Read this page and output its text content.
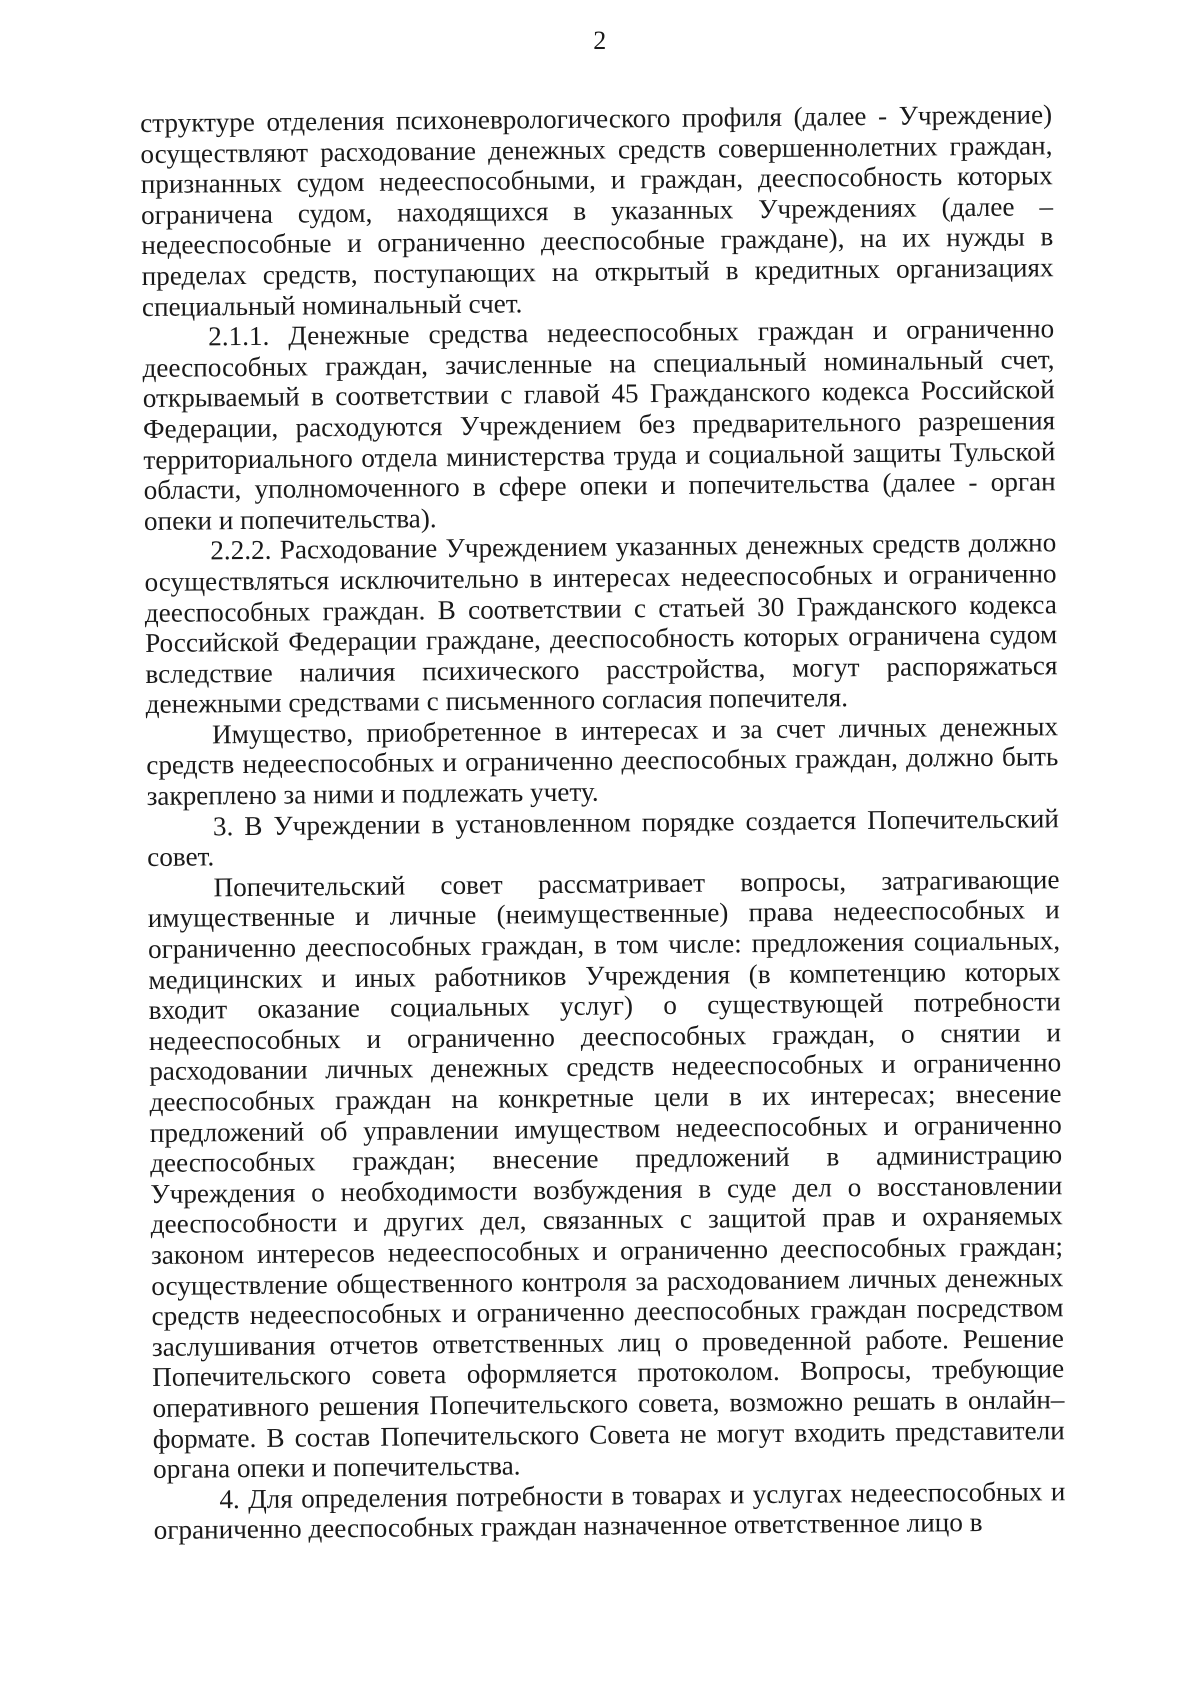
2

структуре отделения психоневрологического профиля (далее - Учреждение) осуществляют расходование денежных средств совершеннолетних граждан, признанных судом недееспособными, и граждан, дееспособность которых ограничена судом, находящихся в указанных Учреждениях (далее – недееспособные и ограниченно дееспособные граждане), на их нужды в пределах средств, поступающих на открытый в кредитных организациях специальный номинальный счет.

2.1.1. Денежные средства недееспособных граждан и ограниченно дееспособных граждан, зачисленные на специальный номинальный счет, открываемый в соответствии с главой 45 Гражданского кодекса Российской Федерации, расходуются Учреждением без предварительного разрешения территориального отдела министерства труда и социальной защиты Тульской области, уполномоченного в сфере опеки и попечительства (далее - орган опеки и попечительства).

2.2.2. Расходование Учреждением указанных денежных средств должно осуществляться исключительно в интересах недееспособных и ограниченно дееспособных граждан. В соответствии с статьей 30 Гражданского кодекса Российской Федерации граждане, дееспособность которых ограничена судом вследствие наличия психического расстройства, могут распоряжаться денежными средствами с письменного согласия попечителя.

Имущество, приобретенное в интересах и за счет личных денежных средств недееспособных и ограниченно дееспособных граждан, должно быть закреплено за ними и подлежать учету.

3. В Учреждении в установленном порядке создается Попечительский совет.

Попечительский совет рассматривает вопросы, затрагивающие имущественные и личные (неимущественные) права недееспособных и ограниченно дееспособных граждан, в том числе: предложения социальных, медицинских и иных работников Учреждения (в компетенцию которых входит оказание социальных услуг) о существующей потребности недееспособных и ограниченно дееспособных граждан, о снятии и расходовании личных денежных средств недееспособных и ограниченно дееспособных граждан на конкретные цели в их интересах; внесение предложений об управлении имуществом недееспособных и ограниченно дееспособных граждан; внесение предложений в администрацию Учреждения о необходимости возбуждения в суде дел о восстановлении дееспособности и других дел, связанных с защитой прав и охраняемых законом интересов недееспособных и ограниченно дееспособных граждан; осуществление общественного контроля за расходованием личных денежных средств недееспособных и ограниченно дееспособных граждан посредством заслушивания отчетов ответственных лиц о проведенной работе. Решение Попечительского совета оформляется протоколом. Вопросы, требующие оперативного решения Попечительского совета, возможно решать в онлайн–формате. В состав Попечительского Совета не могут входить представители органа опеки и попечительства.

4. Для определения потребности в товарах и услугах недееспособных и ограниченно дееспособных граждан назначенное ответственное лицо в
